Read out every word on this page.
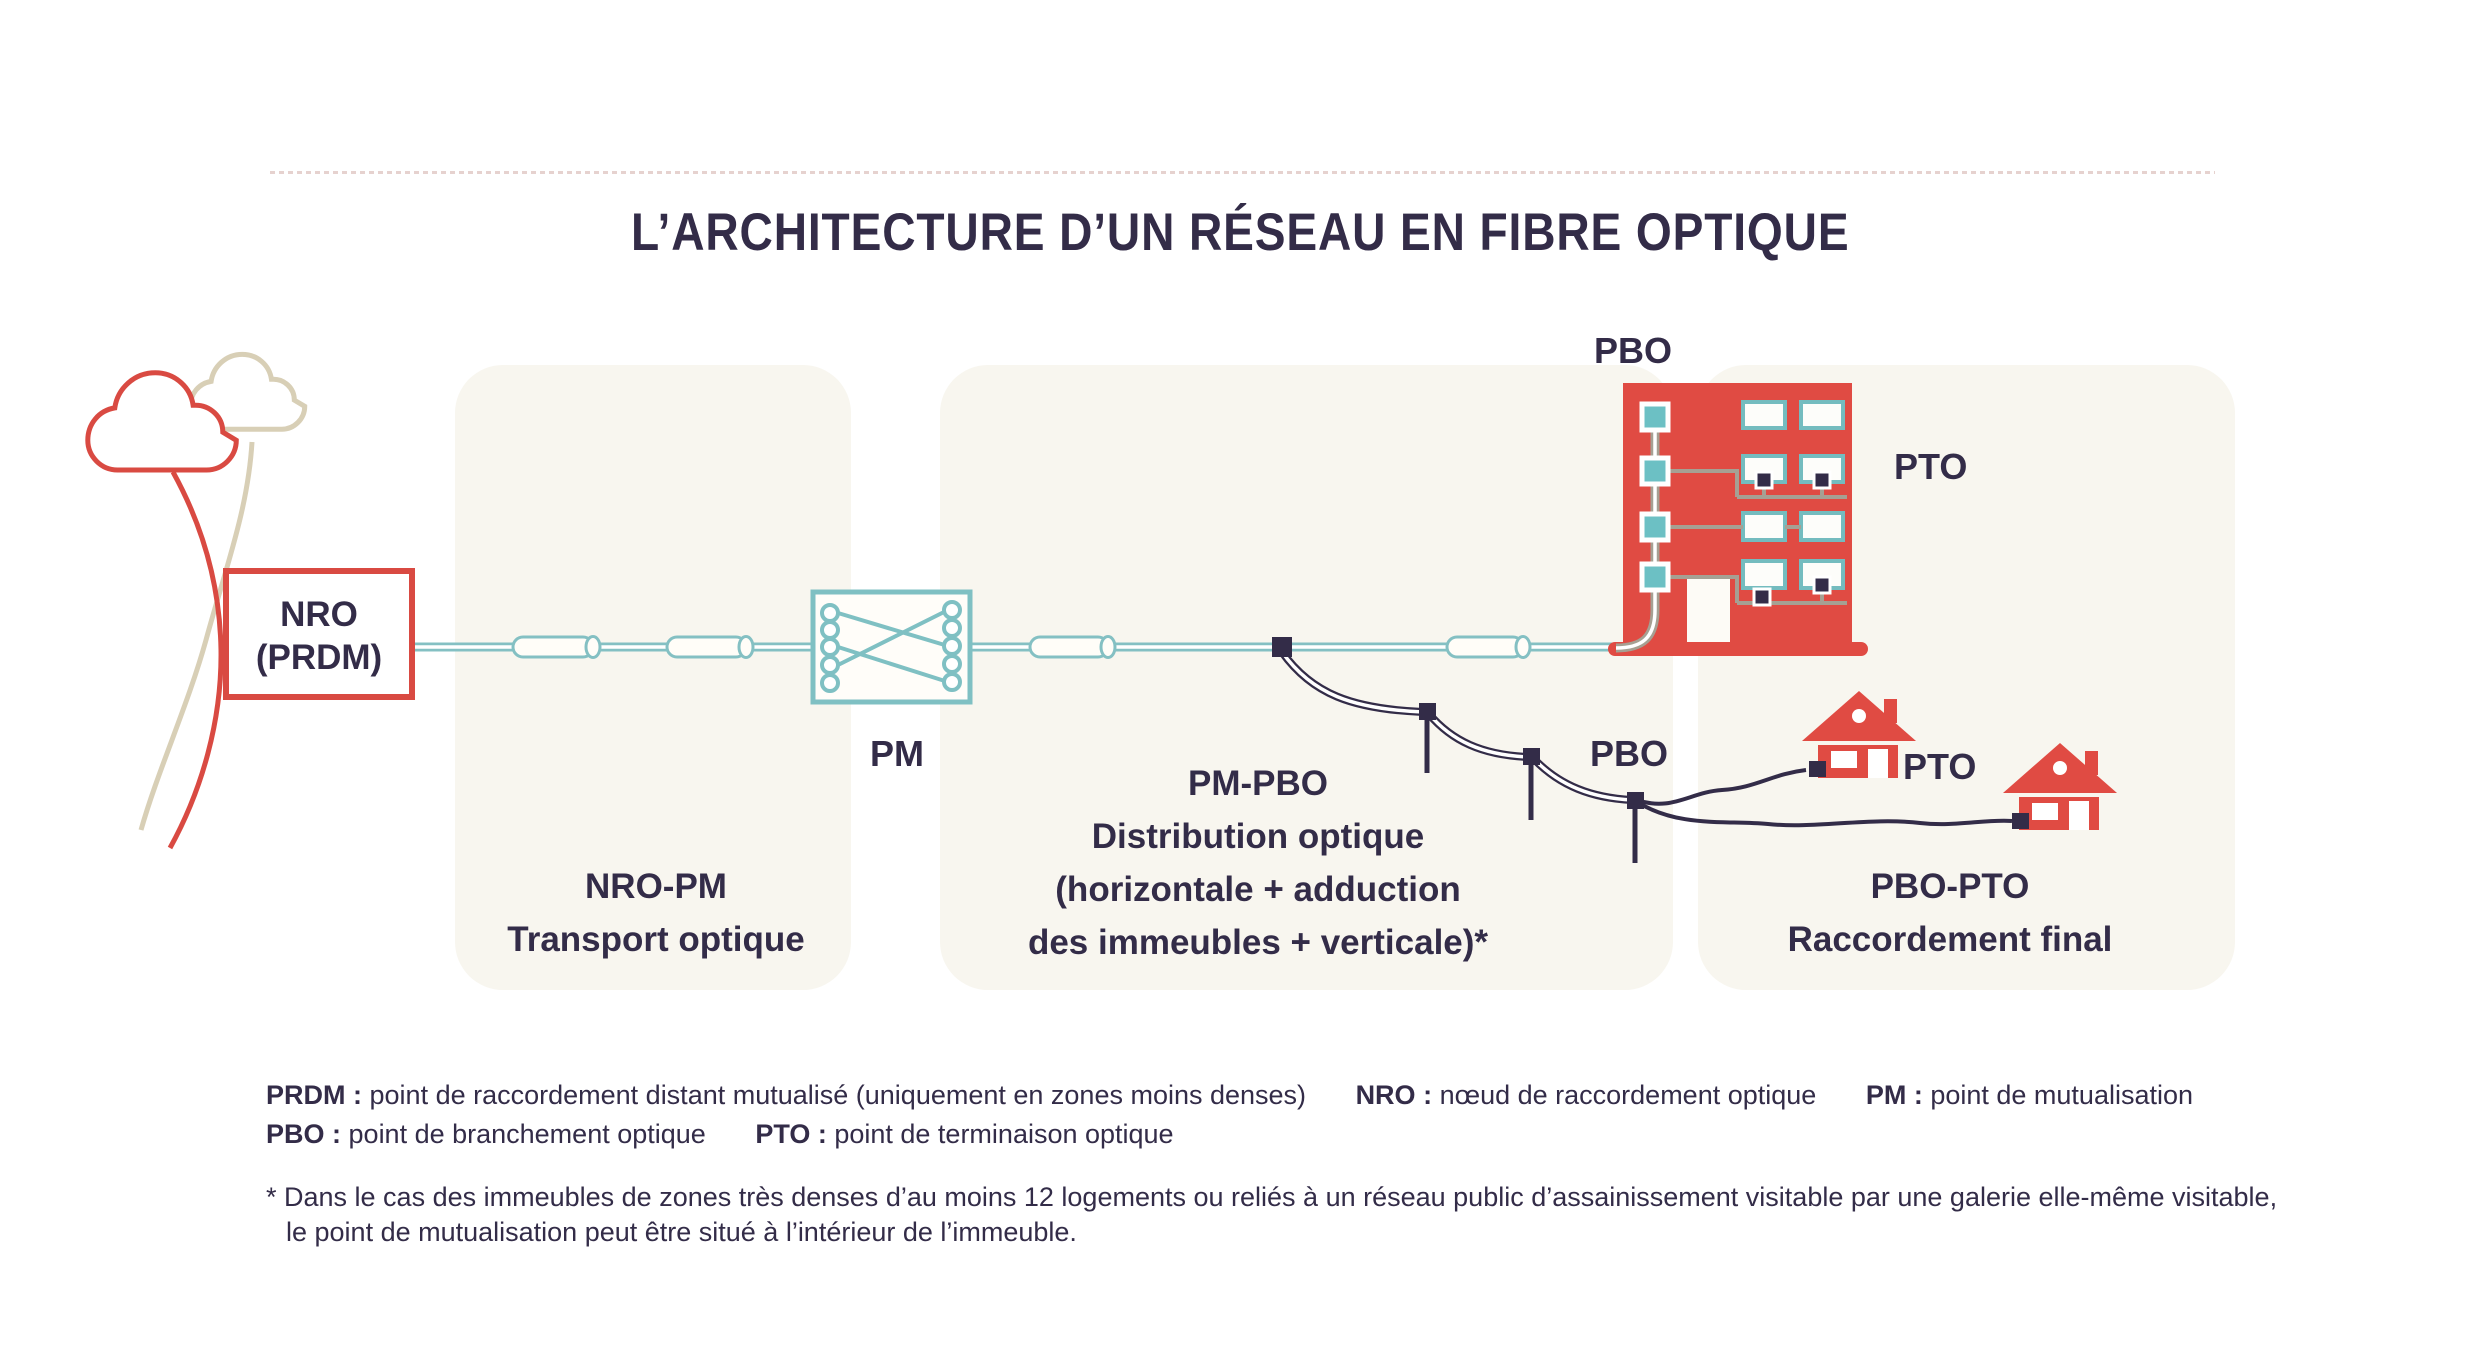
L’ARCHITECTURE D’UN RÉSEAU EN FIBRE OPTIQUE
NRO
(PRDM)
PM
PBO
PTO
PBO	PTO
NRO-PM
Transport optique
PM-PBO
Distribution optique
(horizontale + adduction
des immeubles + verticale)*
PBO-PTO
Raccordement final
PRDM : point de raccordement distant mutualisé (uniquement en zones moins denses) NRO : nœud de raccordement optique PM : point de mutualisation
PBO : point de branchement optique PTO : point de terminaison optique
* Dans le cas des immeubles de zones très denses d’au moins 12 logements ou reliés à un réseau public d’assainissement visitable par une galerie elle-même visitable,
le point de mutualisation peut être situé à l’intérieur de l’immeuble.
